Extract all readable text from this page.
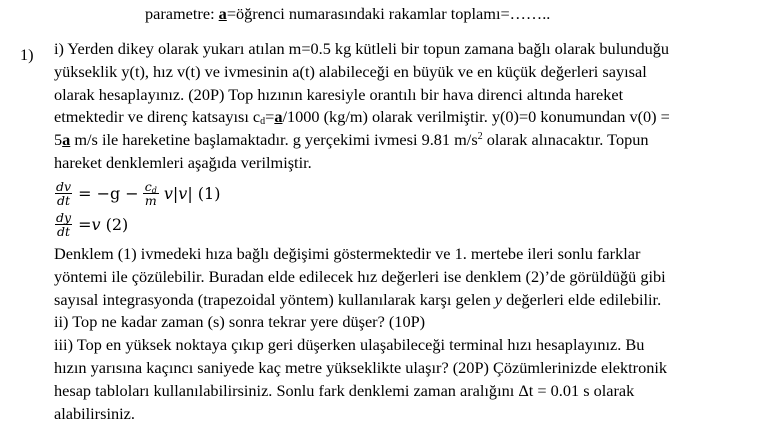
parametre: a=öğrenci numarasındaki rakamlar toplamı=……..
1) i) Yerden dikey olarak yukarı atılan m=0.5 kg kütleli bir topun zamana bağlı olarak bulunduğu
yükseklik y(t), hız v(t) ve ivmesinin a(t) alabileceği en büyük ve en küçük değerleri sayısal
olarak hesaplayınız. (20P) Top hızının karesiyle orantılı bir hava direnci altında hareket
etmektedir ve direnç katsayısı $c_d=a/1000$ (kg/m) olarak verilmiştir. y(0)=0 konumundan v(0) =
5a m/s ile hareketine başlamaktadır. g yerçekimi ivmesi 9.81 $m/s^2$ olarak alınacaktır. Topun
hareket denklemleri aşağıda verilmiştir.
$\frac{dv}{dt} = -g - \frac{c_d}{m} v|v|$ (1)
$\frac{dy}{dt} = v$ (2)
Denklem (1) ivmedeki hıza bağlı değişimi göstermektedir ve 1. mertebe ileri sonlu farklar
yöntemi ile çözülebilir. Buradan elde edilecek hız değerleri ise denklem (2)’de görüldüğü gibi
sayısal integrasyonda (trapezoidal yöntem) kullanılarak karşı gelen y değerleri elde edilebilir.
ii) Top ne kadar zaman (s) sonra tekrar yere düşer? (10P)
iii) Top en yüksek noktaya çıkıp geri düşerken ulaşabileceği terminal hızı hesaplayınız. Bu
hızın yarısına kaçıncı saniyede kaç metre yükseklikte ulaşır? (20P) Çözümlerinizde elektronik
hesap tabloları kullanılabilirsiniz. Sonlu fark denklemi zaman aralığını Δt = 0.01 s olarak
alabilirsiniz.
